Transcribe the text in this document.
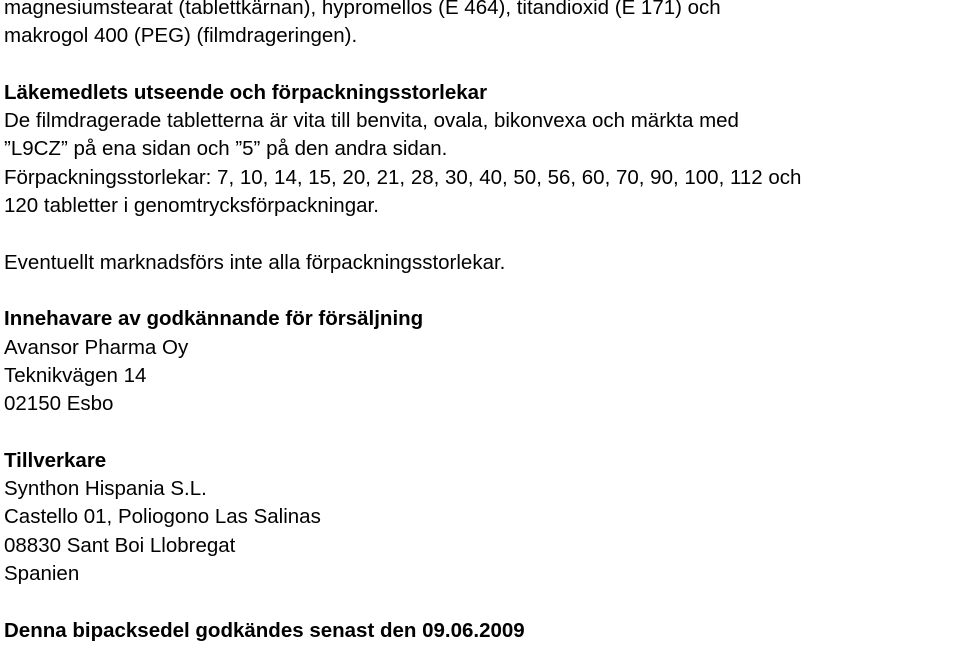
magnesiumstearat (tablettkärnan), hypromellos (E 464), titandioxid (E 171) och
makrogol 400 (PEG) (filmdrageringen).
Läkemedlets utseende och förpackningsstorlekar
De filmdragerade tabletterna är vita till benvita, ovala, bikonvexa och märkta med
”L9CZ” på ena sidan och ”5” på den andra sidan.
Förpackningsstorlekar: 7, 10, 14, 15, 20, 21, 28, 30, 40, 50, 56, 60, 70, 90, 100, 112 och
120 tabletter i genomtrycksförpackningar.
Eventuellt marknadsförs inte alla förpackningsstorlekar.
Innehavare av godkännande för försäljning
Avansor Pharma Oy
Teknikvägen 14
02150 Esbo
Tillverkare
Synthon Hispania S.L.
Castello 01, Poliogono Las Salinas
08830 Sant Boi Llobregat
Spanien
Denna bipacksedel godkändes senast den 09.06.2009
